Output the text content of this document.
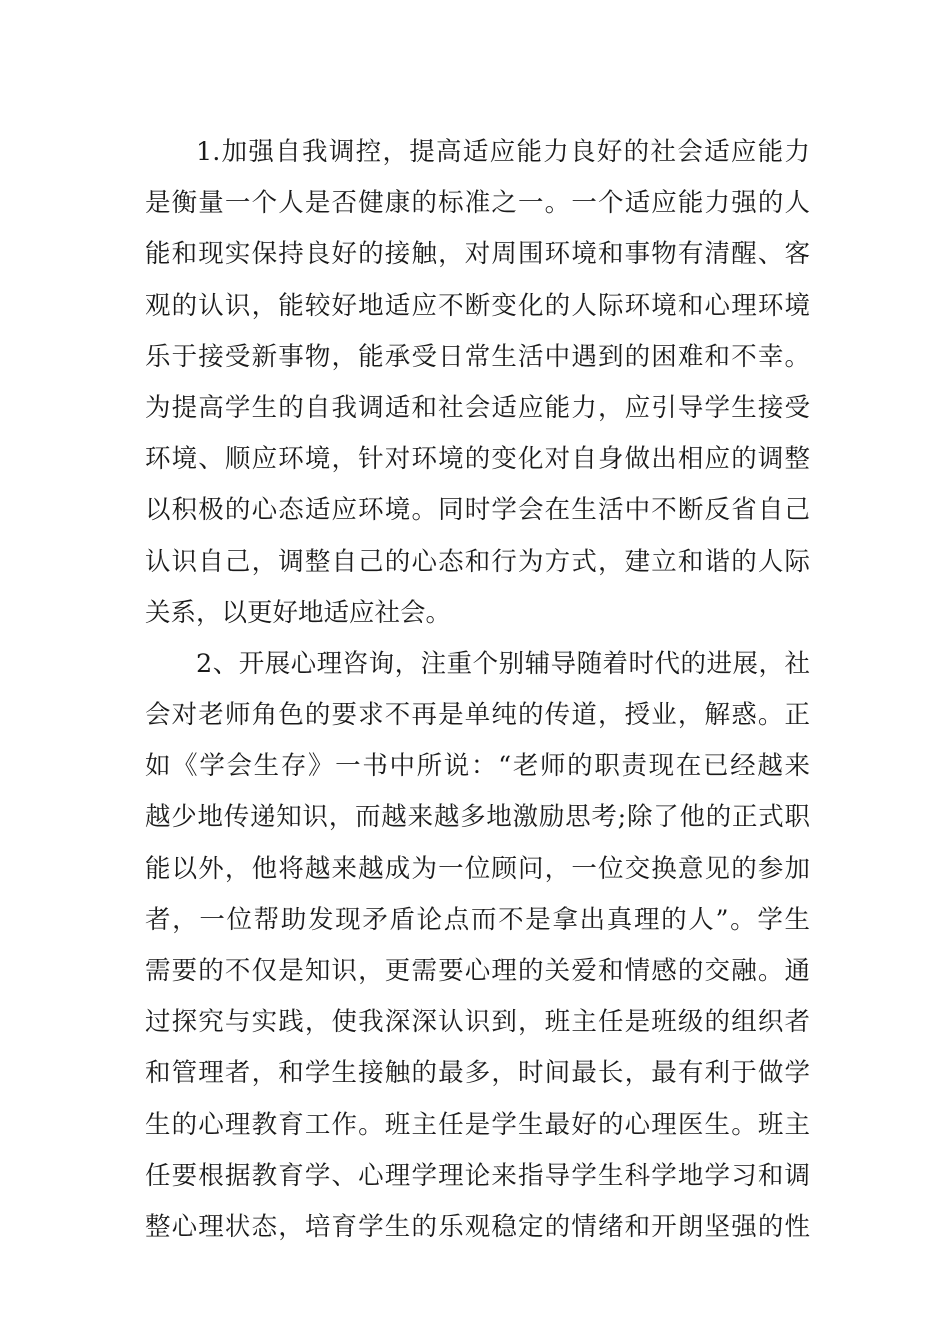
1.加强自我调控，提高适应能力良好的社会适应能力
是衡量一个人是否健康的标准之一。一个适应能力强的人
能和现实保持良好的接触，对周围环境和事物有清醒、客
观的认识，能较好地适应不断变化的人际环境和心理环境
乐于接受新事物，能承受日常生活中遇到的困难和不幸。
为提高学生的自我调适和社会适应能力，应引导学生接受
环境、顺应环境，针对环境的变化对自身做出相应的调整
以积极的心态适应环境。同时学会在生活中不断反省自己
认识自己，调整自己的心态和行为方式，建立和谐的人际
关系，以更好地适应社会。
2、开展心理咨询，注重个别辅导随着时代的进展，社
会对老师角色的要求不再是单纯的传道，授业，解惑。正
如《学会生存》一书中所说：“老师的职责现在已经越来
越少地传递知识，而越来越多地激励思考;除了他的正式职
能以外，他将越来越成为一位顾问，一位交换意见的参加
者，一位帮助发现矛盾论点而不是拿出真理的人”。学生
需要的不仅是知识，更需要心理的关爱和情感的交融。通
过探究与实践，使我深深认识到，班主任是班级的组织者
和管理者，和学生接触的最多，时间最长，最有利于做学
生的心理教育工作。班主任是学生最好的心理医生。班主
任要根据教育学、心理学理论来指导学生科学地学习和调
整心理状态，培育学生的乐观稳定的情绪和开朗坚强的性
